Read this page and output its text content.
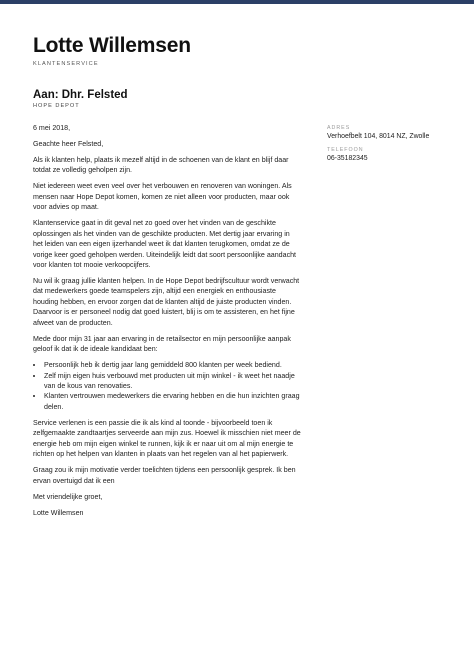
Lotte Willemsen
KLANTENSERVICE
Aan: Dhr. Felsted
HOPE DEPOT

6 mei 2018,

Geachte heer Felsted,

Als ik klanten help, plaats ik mezelf altijd in de schoenen van de klant en blijf daar totdat ze volledig geholpen zijn.

Niet iedereen weet even veel over het verbouwen en renoveren van woningen. Als mensen naar Hope Depot komen, komen ze niet alleen voor producten, maar ook voor advies op maat.

Klantenservice gaat in dit geval net zo goed over het vinden van de geschikte oplossingen als het vinden van de geschikte producten. Met dertig jaar ervaring in het leiden van een eigen ijzerhandel weet ik dat klanten terugkomen, omdat ze de vorige keer goed geholpen werden. Uiteindelijk leidt dat soort persoonlijke aandacht voor klanten tot mooie verkoopcijfers.

Nu wil ik graag jullie klanten helpen. In de Hope Depot bedrijfscultuur wordt verwacht dat medewerkers goede teamspelers zijn, altijd een energiek en enthousiaste houding hebben, en ervoor zorgen dat de klanten altijd de juiste producten vinden. Daarvoor is er personeel nodig dat goed luistert, blij is om te assisteren, en het fijne afweet van de producten.

Mede door mijn 31 jaar aan ervaring in de retailsector en mijn persoonlijke aanpak geloof ik dat ik de ideale kandidaat ben:

• Persoonlijk heb ik dertig jaar lang gemiddeld 800 klanten per week bediend.
• Zelf mijn eigen huis verbouwd met producten uit mijn winkel - ik weet het naadje van de kous van renovaties.
• Klanten vertrouwen medewerkers die ervaring hebben en die hun inzichten graag delen.

Service verlenen is een passie die ik als kind al toonde - bijvoorbeeld toen ik zelfgemaakte zandtaartjes serveerde aan mijn zus. Hoewel ik misschien niet meer de energie heb om mijn eigen winkel te runnen, kijk ik er naar uit om al mijn energie te richten op het helpen van klanten in plaats van het regelen van al het papierwerk.

Graag zou ik mijn motivatie verder toelichten tijdens een persoonlijk gesprek. Ik ben ervan overtuigd dat ik een

Met vriendelijke groet,

Lotte Willemsen

ADRES
Verhoefbelt 104, 8014 NZ, Zwolle
TELEFOON
06-35182345
